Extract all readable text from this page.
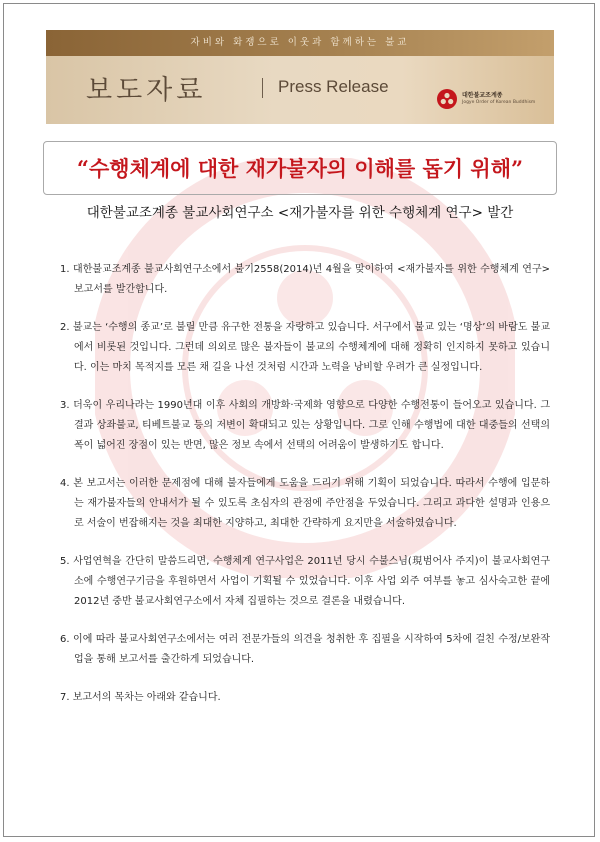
자비와 화쟁으로 이웃과 함께하는 불교
보도자료	Press Release	대한불교조계종
Jogye Order of Korean Buddhism
“수행체계에 대한 재가불자의 이해를 돕기 위해”
대한불교조계종 불교사회연구소 <재가불자를 위한 수행체계 연구> 발간

1. 대한불교조계종 불교사회연구소에서 불기2558(2014)년 4월을 맞이하여 <재가불자를 위한 수행체계 연구> 보고서를 발간합니다.

2. 불교는 ‘수행의 종교’로 불릴 만큼 유구한 전통을 자랑하고 있습니다. 서구에서 불교 있는 ‘명상’의 바람도 불교에서 비롯된 것입니다. 그런데 의외로 많은 불자들이 불교의 수행체계에 대해 정확히 인지하지 못하고 있습니다. 이는 마치 목적지를 모른 채 길을 나선 것처럼 시간과 노력을 낭비할 우려가 큰 실정입니다.

3. 더욱이 우리나라는 1990년대 이후 사회의 개방화·국제화 영향으로 다양한 수행전통이 들어오고 있습니다. 그 결과 상좌불교, 티베트불교 등의 저변이 확대되고 있는 상황입니다. 그로 인해 수행법에 대한 대중들의 선택의 폭이 넓어진 장점이 있는 반면, 많은 정보 속에서 선택의 어려움이 발생하기도 합니다.

4. 본 보고서는 이러한 문제점에 대해 불자들에게 도움을 드리기 위해 기획이 되었습니다. 따라서 수행에 입문하는 재가불자들의 안내서가 될 수 있도록 초심자의 관점에 주안점을 두었습니다. 그리고 과다한 설명과 인용으로 서술이 번잡해지는 것을 최대한 지양하고, 최대한 간략하게 요지만을 서술하였습니다.

5. 사업연혁을 간단히 말씀드리면, 수행체계 연구사업은 2011년 당시 수불스님(現범어사 주지)이 불교사회연구소에 수행연구기금을 후원하면서 사업이 기획될 수 있었습니다. 이후 사업 외주 여부를 놓고 심사숙고한 끝에 2012년 중반 불교사회연구소에서 자체 집필하는 것으로 결론을 내렸습니다.

6. 이에 따라 불교사회연구소에서는 여러 전문가들의 의견을 청취한 후 집필을 시작하여 5차에 걸친 수정/보완작업을 통해 보고서를 출간하게 되었습니다.

7. 보고서의 목차는 아래와 같습니다.
